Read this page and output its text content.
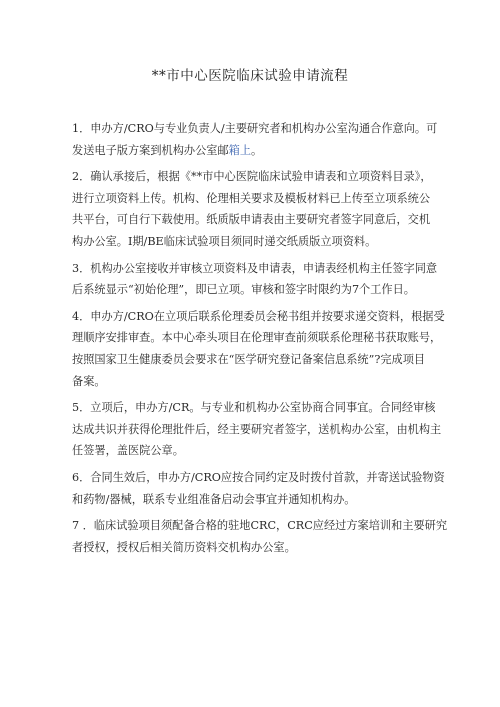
**市中心医院临床试验申请流程

1．申办方/CRO与专业负责人/主要研究者和机构办公室沟通合作意向。可
发送电子版方案到机构办公室邮箱上。

2．确认承接后，根据《**市中心医院临床试验申请表和立项资料目录》，
进行立项资料上传。机构、伦理相关要求及模板材料已上传至立项系统公
共平台，可自行下载使用。纸质版申请表由主要研究者签字同意后，交机
构办公室。I期/BE临床试验项目须同时递交纸质版立项资料。

3．机构办公室接收并审核立项资料及申请表，申请表经机构主任签字同意
后系统显示“初始伦理”，即已立项。审核和签字时限约为7个工作日。

4．申办方/CRO在立项后联系伦理委员会秘书组并按要求递交资料，根据受
理顺序安排审查。本中心牵头项目在伦理审查前须联系伦理秘书获取账号，
按照国家卫生健康委员会要求在“医学研究登记备案信息系统”?完成项目
备案。

5．立项后，申办方/CR。与专业和机构办公室协商合同事宜。合同经审核
达成共识并获得伦理批件后，经主要研究者签字，送机构办公室，由机构主
任签署，盖医院公章。

6．合同生效后，申办方/CRO应按合同约定及时拨付首款，并寄送试验物资
和药物/器械，联系专业组准备启动会事宜并通知机构办。

7 ．临床试验项目须配备合格的驻地CRC，CRC应经过方案培训和主要研究
者授权，授权后相关简历资料交机构办公室。
